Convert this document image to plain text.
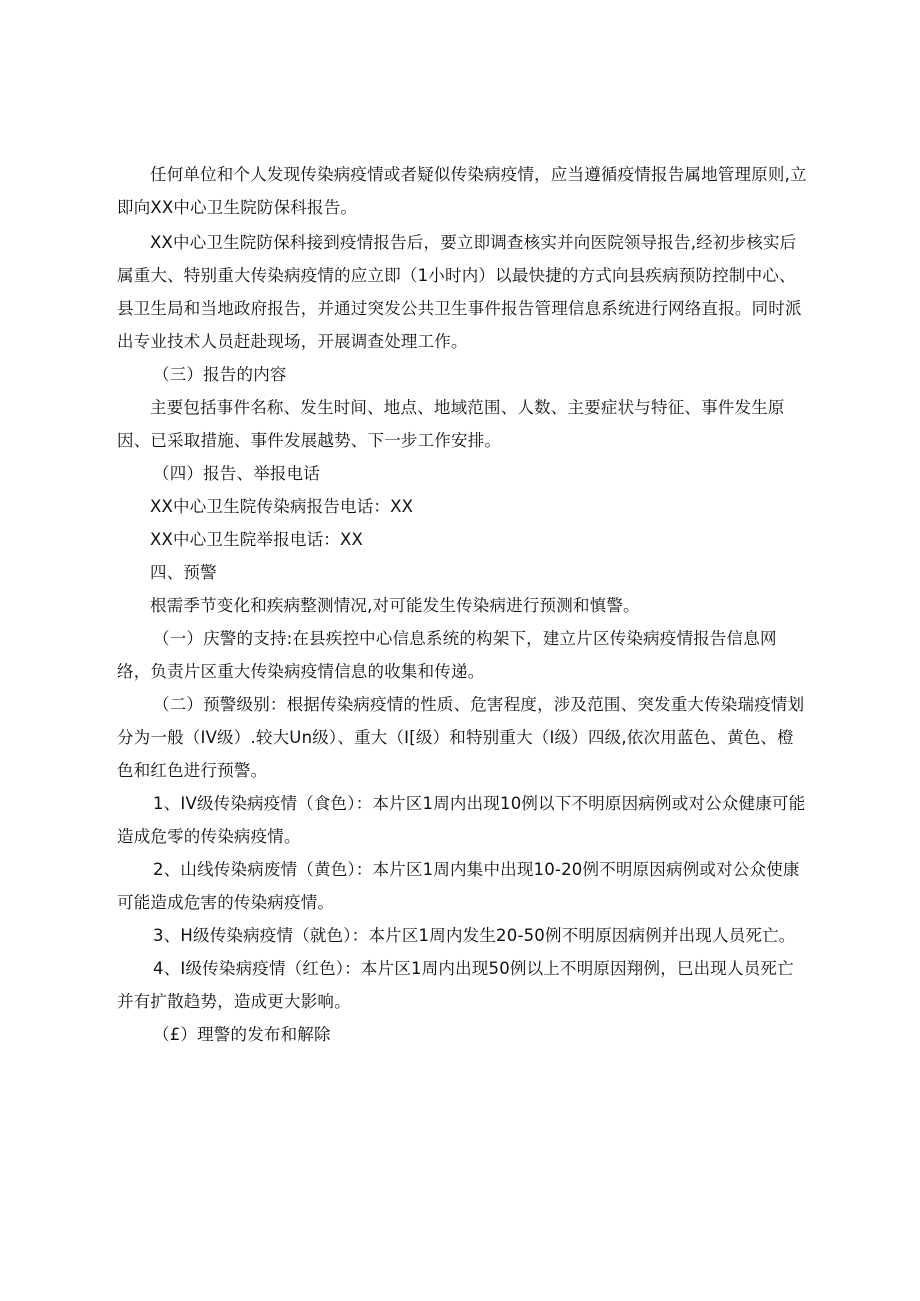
任何单位和个人发现传染病疫情或者疑似传染病疫情，应当遵循疫情报告属地管理原则,立即向XX中心卫生院防保科报告。

XX中心卫生院防保科接到疫情报告后，要立即调查核实并向医院领导报告,经初步核实后属重大、特别重大传染病疫情的应立即（1小时内）以最快捷的方式向县疾病预防控制中心、县卫生局和当地政府报告，并通过突发公共卫生事件报告管理信息系统进行网络直报。同时派出专业技术人员赶赴现场，开展调查处理工作。

（三）报告的内容

主要包括事件名称、发生时间、地点、地域范围、人数、主要症状与特征、事件发生原因、已采取措施、事件发展越势、下一步工作安排。

（四）报告、举报电话

XX中心卫生院传染病报告电话：XX

XX中心卫生院举报电话：XX

四、预警

根需季节变化和疾病整测情况,对可能发生传染病进行预测和慎警。

（一）庆警的支持:在县疾控中心信息系统的构架下，建立片区传染病疫情报告信息网络，负责片区重大传染病疫情信息的收集和传递。

（二）预警级别：根据传染病疫情的性质、危害程度，涉及范围、突发重大传染瑞疫情划分为一般（IV级）.较大Un级）、重大（I[级）和特别重大（I级）四级,依次用蓝色、黄色、橙色和红色进行预警。

1、IV级传染病疫情（食色）：本片区1周内出现10例以下不明原因病例或对公众健康可能造成危零的传染病疫情。

2、山线传染病废情（黄色）：本片区1周内集中出现10-20例不明原因病例或对公众使康可能造成危害的传染病疫情。

3、H级传染病疫情（就色）：本片区1周内发生20-50例不明原因病例并出现人员死亡。

4、I级传染病疫情（红色）：本片区1周内出现50例以上不明原因翔例，巳出现人员死亡并有扩散趋势，造成更大影响。

（£）理警的发布和解除
